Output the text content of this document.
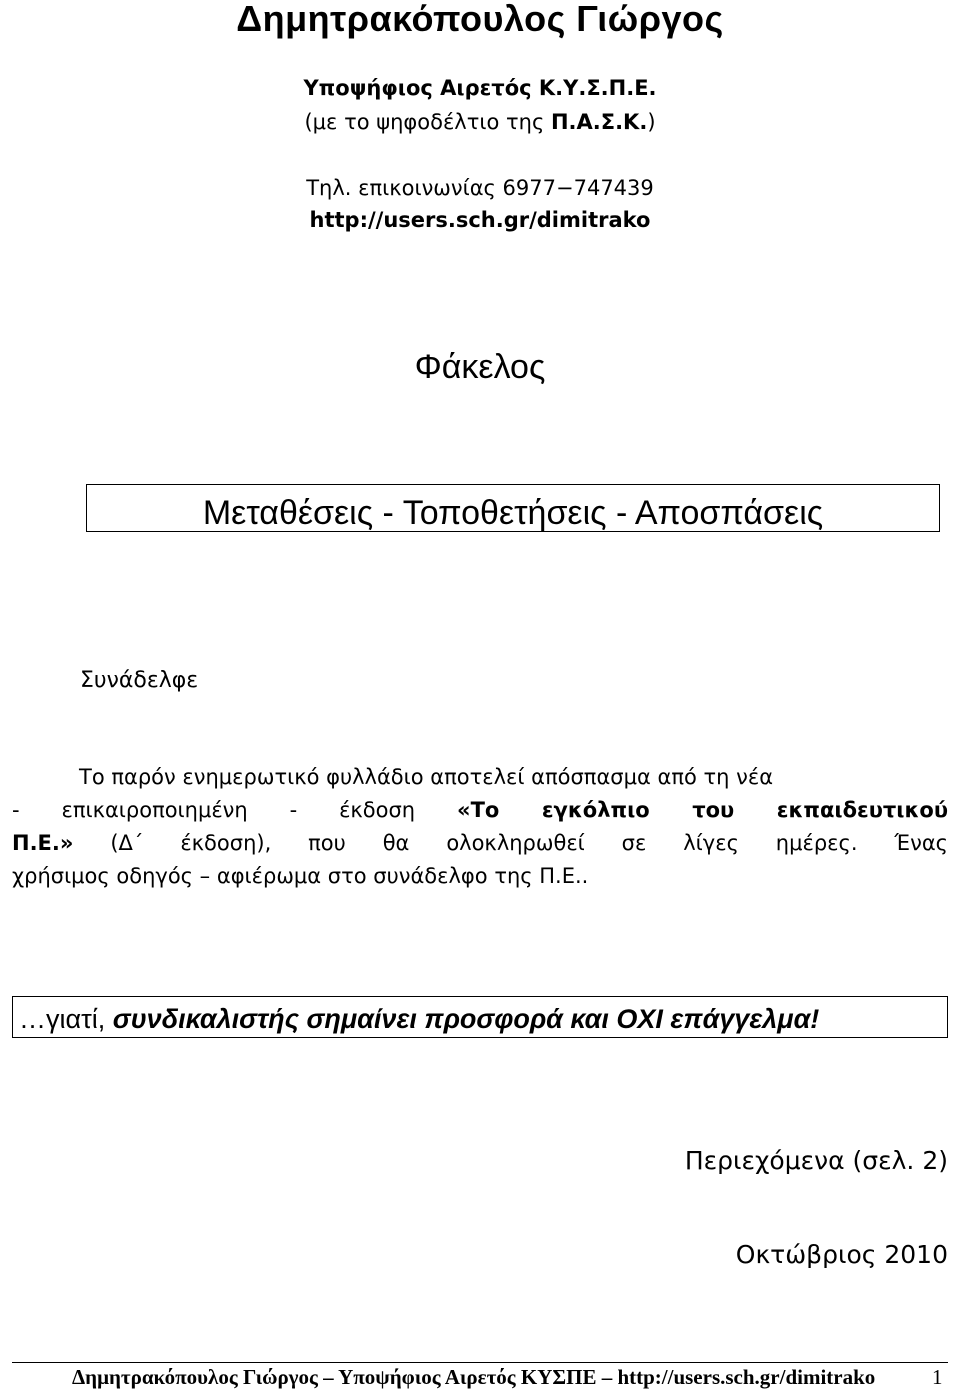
Δημητρακόπουλος Γιώργος
Υποψήφιος Αιρετός Κ.Υ.Σ.Π.Ε.
(με το ψηφοδέλτιο της Π.Α.Σ.Κ.)
Τηλ. επικοινωνίας 6977−747439
http://users.sch.gr/dimitrako
Φάκελος
Μεταθέσεις - Τοποθετήσεις - Αποσπάσεις
Συνάδελφε
Το παρόν ενημερωτικό φυλλάδιο αποτελεί απόσπασμα από τη νέα
- επικαιροποιημένη - έκδοση «Το εγκόλπιο του εκπαιδευτικού
Π.Ε.» (Δ΄ έκδοση), που θα ολοκληρωθεί σε λίγες ημέρες. Ένας
χρήσιμος οδηγός – αφιέρωμα στο συνάδελφο της Π.Ε..
…γιατί, συνδικαλιστής σημαίνει προσφορά και ΟΧΙ επάγγελμα!
Περιεχόμενα (σελ. 2)
Οκτώβριος 2010
Δημητρακόπουλος Γιώργος – Υποψήφιος Αιρετός ΚΥΣΠΕ – http://users.sch.gr/dimitrako	1
